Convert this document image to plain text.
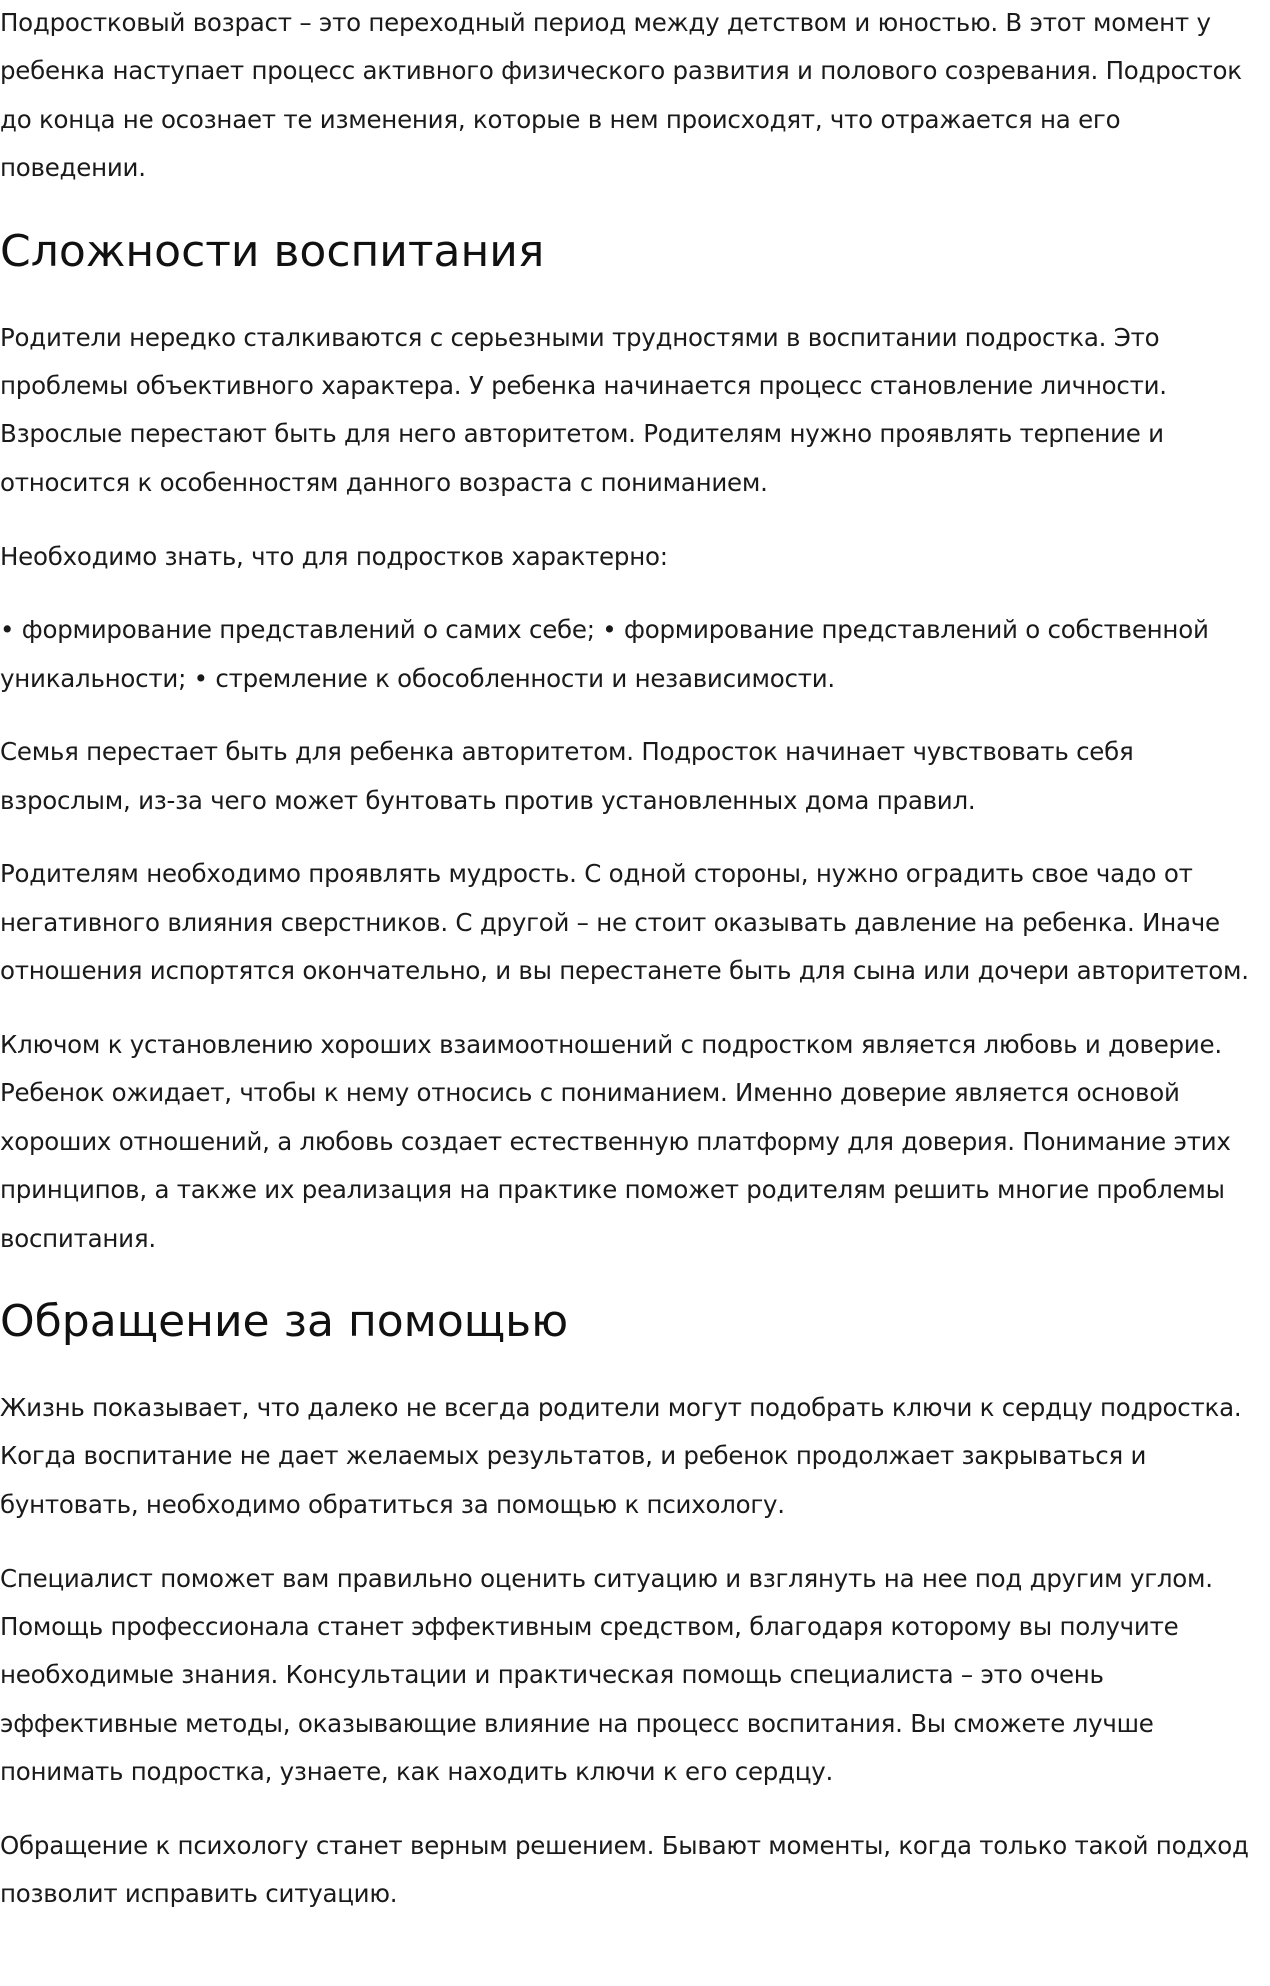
Подростковый возраст – это переходный период между детством и юностью. В этот момент у ребенка наступает процесс активного физического развития и полового созревания. Подросток до конца не осознает те изменения, которые в нем происходят, что отражается на его поведении.

Сложности воспитания

Родители нередко сталкиваются с серьезными трудностями в воспитании подростка. Это проблемы объективного характера. У ребенка начинается процесс становление личности. Взрослые перестают быть для него авторитетом. Родителям нужно проявлять терпение и относится к особенностям данного возраста с пониманием.

Необходимо знать, что для подростков характерно:

• формирование представлений о самих себе; • формирование представлений о собственной уникальности; • стремление к обособленности и независимости.

Семья перестает быть для ребенка авторитетом. Подросток начинает чувствовать себя взрослым, из-за чего может бунтовать против установленных дома правил.

Родителям необходимо проявлять мудрость. С одной стороны, нужно оградить свое чадо от негативного влияния сверстников. С другой – не стоит оказывать давление на ребенка. Иначе отношения испортятся окончательно, и вы перестанете быть для сына или дочери авторитетом.

Ключом к установлению хороших взаимоотношений с подростком является любовь и доверие. Ребенок ожидает, чтобы к нему относись с пониманием. Именно доверие является основой хороших отношений, а любовь создает естественную платформу для доверия. Понимание этих принципов, а также их реализация на практике поможет родителям решить многие проблемы воспитания.

Обращение за помощью

Жизнь показывает, что далеко не всегда родители могут подобрать ключи к сердцу подростка. Когда воспитание не дает желаемых результатов, и ребенок продолжает закрываться и бунтовать, необходимо обратиться за помощью к психологу.

Специалист поможет вам правильно оценить ситуацию и взглянуть на нее под другим углом. Помощь профессионала станет эффективным средством, благодаря которому вы получите необходимые знания. Консультации и практическая помощь специалиста – это очень эффективные методы, оказывающие влияние на процесс воспитания. Вы сможете лучше понимать подростка, узнаете, как находить ключи к его сердцу.

Обращение к психологу станет верным решением. Бывают моменты, когда только такой подход позволит исправить ситуацию.
